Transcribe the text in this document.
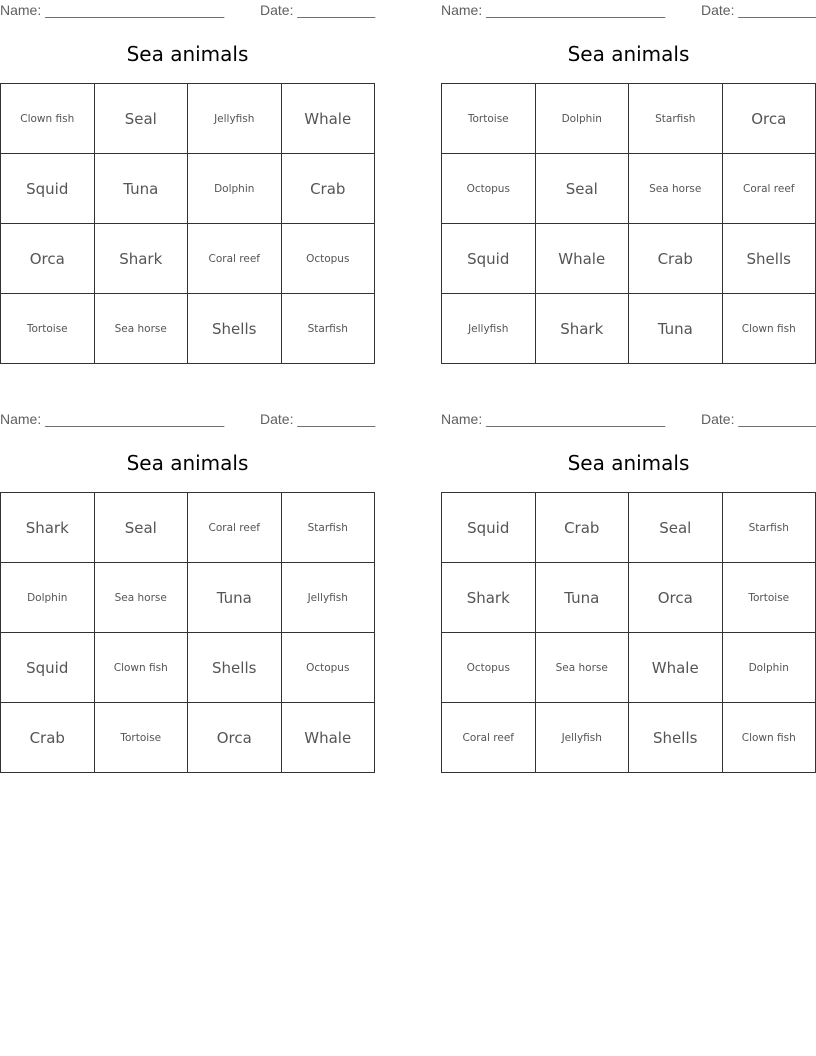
Name: _______________________	Date: __________
Sea animals
Clown fish	Seal	Jellyfish	Whale
Squid	Tuna	Dolphin	Crab
Orca	Shark	Coral reef	Octopus
Tortoise	Sea horse	Shells	Starfish
Name: _______________________	Date: __________
Sea animals
Tortoise	Dolphin	Starfish	Orca
Octopus	Seal	Sea horse	Coral reef
Squid	Whale	Crab	Shells
Jellyfish	Shark	Tuna	Clown fish
Name: _______________________	Date: __________
Sea animals
Shark	Seal	Coral reef	Starfish
Dolphin	Sea horse	Tuna	Jellyfish
Squid	Clown fish	Shells	Octopus
Crab	Tortoise	Orca	Whale
Name: _______________________	Date: __________
Sea animals
Squid	Crab	Seal	Starfish
Shark	Tuna	Orca	Tortoise
Octopus	Sea horse	Whale	Dolphin
Coral reef	Jellyfish	Shells	Clown fish
